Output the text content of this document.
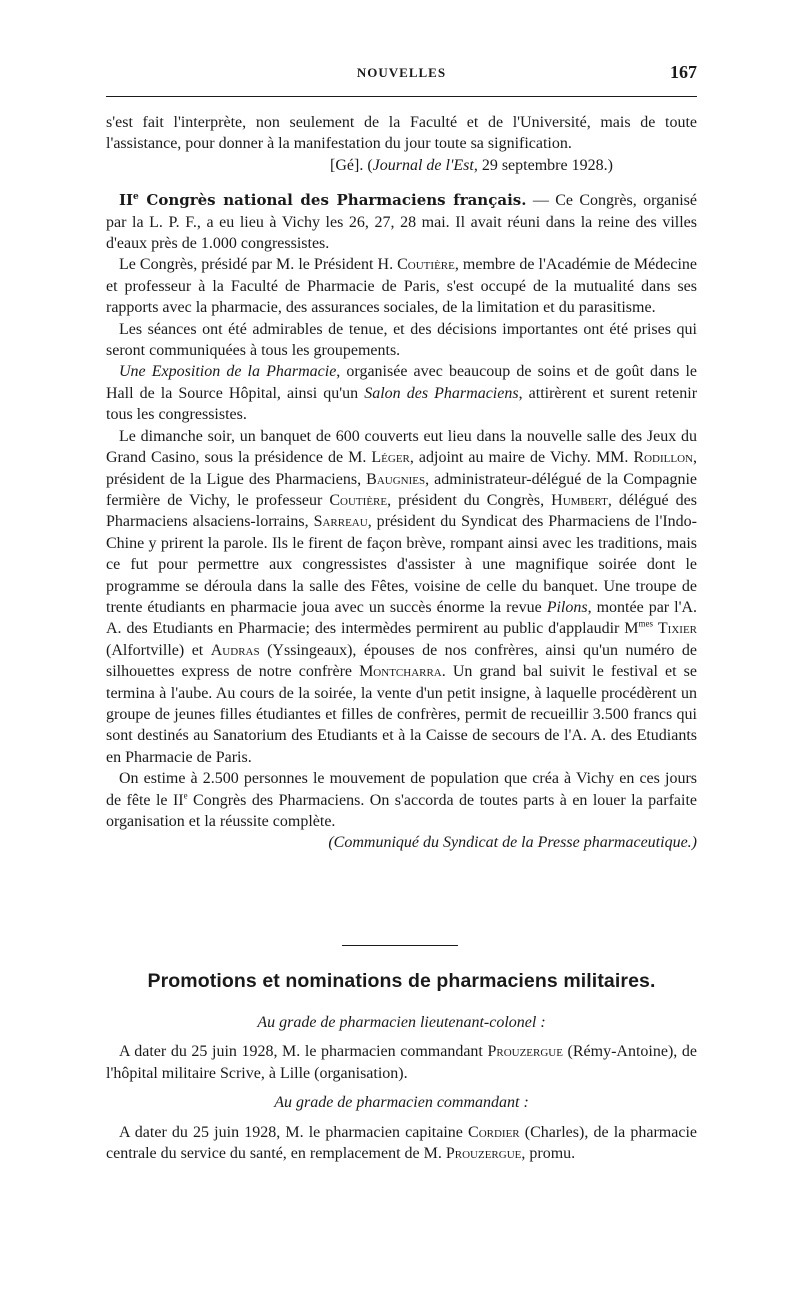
NOUVELLES	167

s'est fait l'interprète, non seulement de la Faculté et de l'Université, mais de toute l'assistance, pour donner à la manifestation du jour toute sa signification.
[Gé]. (Journal de l'Est, 29 septembre 1928.)

IIe Congrès national des Pharmaciens français. — Ce Congrès, organisé par la L. P. F., a eu lieu à Vichy les 26, 27, 28 mai. Il avait réuni dans la reine des villes d'eaux près de 1.000 congressistes.

Le Congrès, présidé par M. le Président H. Coutière, membre de l'Académie de Médecine et professeur à la Faculté de Pharmacie de Paris, s'est occupé de la mutualité dans ses rapports avec la pharmacie, des assurances sociales, de la limitation et du parasitisme.

Les séances ont été admirables de tenue, et des décisions importantes ont été prises qui seront communiquées à tous les groupements.

Une Exposition de la Pharmacie, organisée avec beaucoup de soins et de goût dans le Hall de la Source Hôpital, ainsi qu'un Salon des Pharmaciens, attirèrent et surent retenir tous les congressistes.

Le dimanche soir, un banquet de 600 couverts eut lieu dans la nouvelle salle des Jeux du Grand Casino, sous la présidence de M. Léger, adjoint au maire de Vichy. MM. Rodillon, président de la Ligue des Pharmaciens, Baugnies, administrateur-délégué de la Compagnie fermière de Vichy, le professeur Coutière, président du Congrès, Humbert, délégué des Pharmaciens alsaciens-lorrains, Sarreau, président du Syndicat des Pharmaciens de l'IndoChine y prirent la parole. Ils le firent de façon brève, rompant ainsi avec les traditions, mais ce fut pour permettre aux congressistes d'assister à une magnifique soirée dont le programme se déroula dans la salle des Fêtes, voisine de celle du banquet. Une troupe de trente étudiants en pharmacie joua avec un succès énorme la revue Pilons, montée par l'A. A. des Etudiants en Pharmacie; des intermèdes permirent au public d'applaudir $M^{mes}$ Tixier (Alfortville) et Audras (Yssingeaux), épouses de nos confrères, ainsi qu'un numéro de silhouettes express de notre confrère Montcharra. Un grand bal suivit le festival et se termina à l'aube. Au cours de la soirée, la vente d'un petit insigne, à laquelle procédèrent un groupe de jeunes filles étudiantes et filles de confrères, permit de recueillir 3.500 francs qui sont destinés au Sanatorium des Etudiants et à la Caisse de secours de l'A. A. des Etudiants en Pharmacie de Paris.

On estime à 2.500 personnes le mouvement de population que créa à Vichy en ces jours de fête le IIe Congrès des Pharmaciens. On s'accorda de toutes parts à en louer la parfaite organisation et la réussite complète.

(Communiqué du Syndicat de la Presse pharmaceutique.)
Promotions et nominations de pharmaciens militaires.

Au grade de pharmacien lieutenant-colonel :

A dater du 25 juin 1928, M. le pharmacien commandant Prouzergue (Rémy-Antoine), de l'hôpital militaire Scrive, à Lille (organisation).

Au grade de pharmacien commandant :

A dater du 25 juin 1928, M. le pharmacien capitaine Cordier (Charles), de la pharmacie centrale du service du santé, en remplacement de M. Prouzergue, promu.
